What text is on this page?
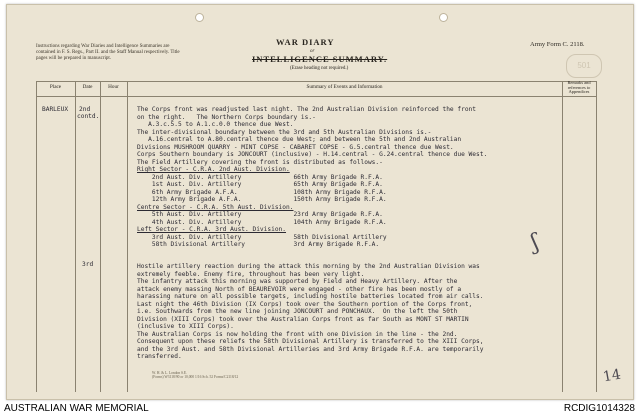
Instructions regarding War Diaries and Intelligence Summaries are contained in F. S. Regs., Part II. and the Staff Manual respectively. Title pages will be prepared in manuscript.
WAR DIARY
or
INTELLIGENCE SUMMARY.
(Erase heading not required.)
Army Form C. 2118.
501
Place	Date	Hour	Summary of Events and Information
Remarks and references to Appendices
BARLEUX 2nd
contd.
3rd
The Corps front was readjusted last night. The 2nd Australian Division reinforced the front
on the right.   The Northern Corps boundary is.-
A.3.c.5.5 to A.1.c.0.0 thence due West.
The inter-divisional boundary between the 3rd and 5th Australian Divisions is.-
A.16.central to A.80.central thence due West; and between the 5th and 2nd Australian
Divisions MUSHROOM QUARRY - MINT COPSE - CABARET COPSE - G.5.central thence due West.
Corps Southern boundary is JONCOURT (inclusive) - H.14.central - G.24.central thence due West.
The Field Artillery covering the front is distributed as follows.-
Right Sector - C.R.A. 2nd Aust. Division.
2nd Aust. Div. Artillery              66th Army Brigade R.F.A.
1st Aust. Div. Artillery              65th Army Brigade R.F.A.
6th Army Brigade A.F.A.               108th Army Brigade R.F.A.
12th Army Brigade A.F.A.              150th Army Brigade R.F.A.
Centre Sector - C.R.A. 5th Aust. Division.
5th Aust. Div. Artillery              23rd Army Brigade R.F.A.
4th Aust. Div. Artillery              104th Army Brigade R.F.A.
Left Sector - C.R.A. 3rd Aust. Division.
3rd Aust. Div. Artillery              58th Divisional Artillery
58th Divisional Artillery             3rd Army Brigade R.F.A.
Hostile artillery reaction during the attack this morning by the 2nd Australian Division was
extremely feeble. Enemy fire, throughout has been very light.
The infantry attack this morning was supported by Field and Heavy Artillery. After the
attack enemy massing North of BEAUREVOIR were engaged - other fire has been mostly of a
harassing nature on all possible targets, including hostile batteries located from air calls.
Last night the 46th Division (IX Corps) took over the Southern portion of the Corps front,
i.e. Southwards from the new line joining JONCOURT and PONCHAUX.  On the left the 50th
Division (XIII Corps) took over the Australian Corps front as far South as MONT ST MARTIN
(inclusive to XIII Corps).
The Australian Corps is now holding the front with one Division in the line - the 2nd.
Consequent upon these reliefs the 58th Divisional Artillery is transferred to the XIII Corps,
and the 3rd Aust. and 58th Divisional Artilleries and 3rd Army Brigade R.F.A. are temporarily
transferred.
ʃ
14
W. H. & L. London S.E.
(Forms) W3118/90 or 10,000 1/16 Sch. 52 Forms/C2118/12
AUSTRALIAN WAR MEMORIAL	RCDIG1014328
